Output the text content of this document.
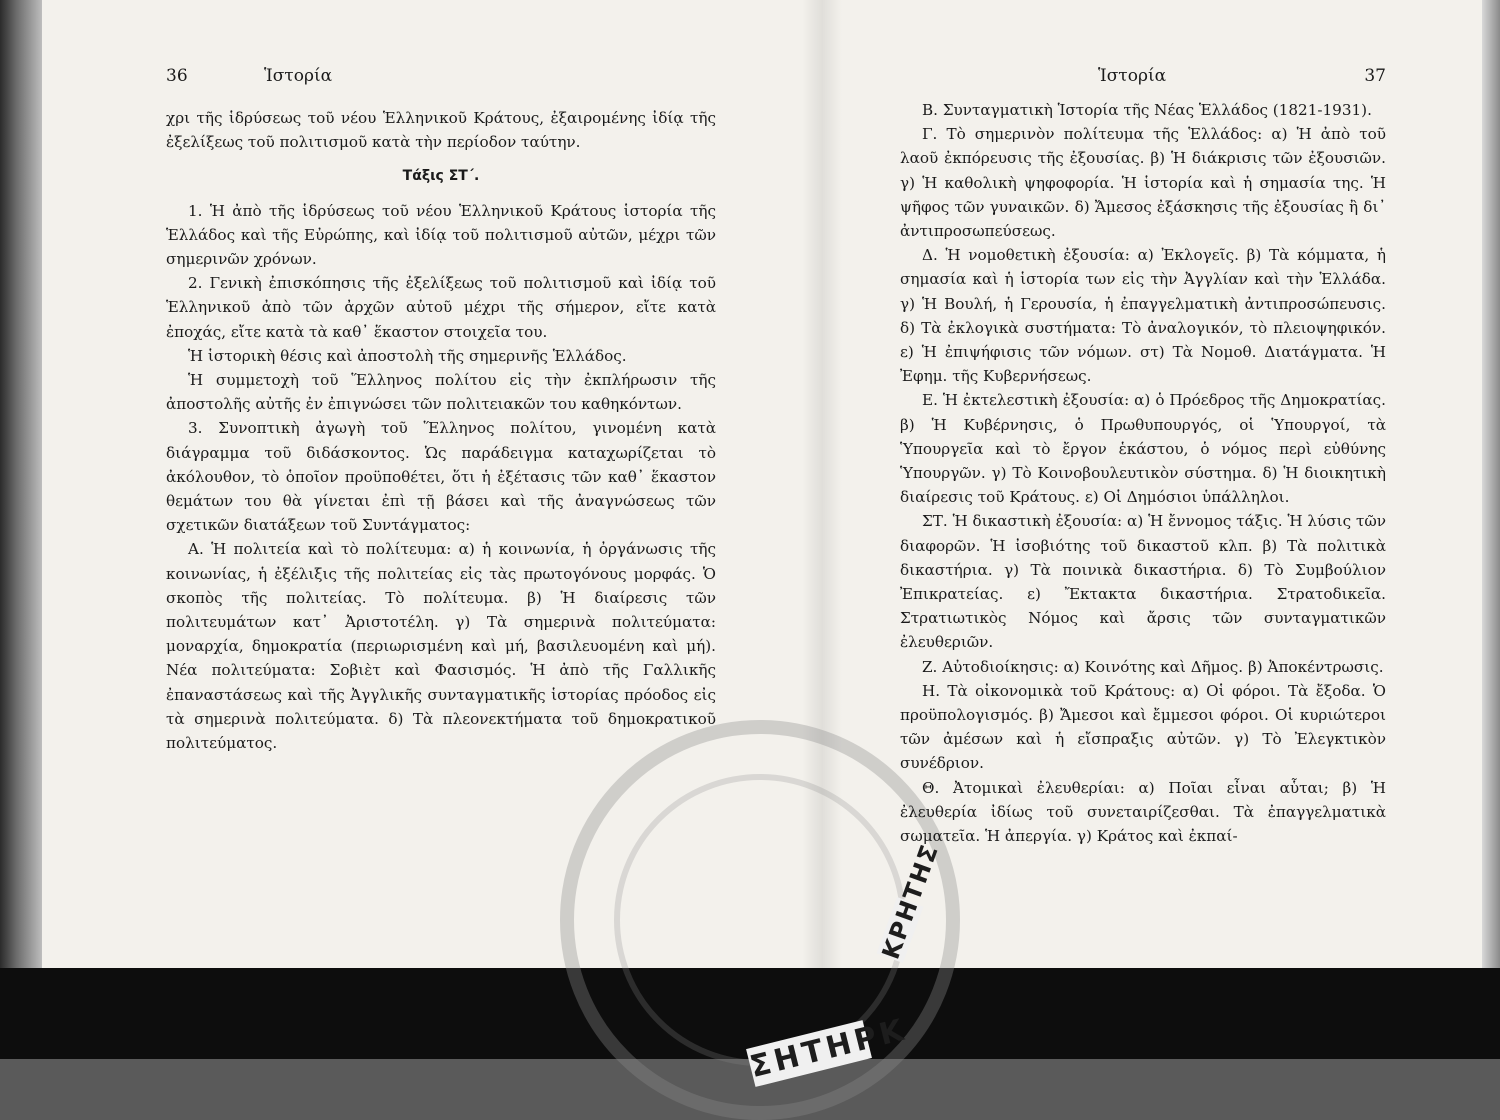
ΣΗΤΗΡΚ
ΚΡΗΤΗΣ
36	Ἱστορία

χρι τῆς ἱδρύσεως τοῦ νέου Ἑλληνικοῦ Κράτους, ἐξαιρομένης ἰδίᾳ τῆς ἐξελίξεως τοῦ πολιτισμοῦ κατὰ τὴν περίοδον ταύτην.

Τάξις ΣΤ΄.

1. Ἡ ἀπὸ τῆς ἱδρύσεως τοῦ νέου Ἑλληνικοῦ Κράτους ἱστορία τῆς Ἑλλάδος καὶ τῆς Εὐρώπης, καὶ ἰδίᾳ τοῦ πολιτισμοῦ αὐτῶν, μέχρι τῶν σημερινῶν χρόνων.

2. Γενικὴ ἐπισκόπησις τῆς ἐξελίξεως τοῦ πολιτισμοῦ καὶ ἰδίᾳ τοῦ Ἑλληνικοῦ ἀπὸ τῶν ἀρχῶν αὐτοῦ μέχρι τῆς σήμερον, εἴτε κατὰ ἐποχάς, εἴτε κατὰ τὰ καθ᾽ ἕκαστον στοιχεῖα του.

Ἡ ἱστορικὴ θέσις καὶ ἀποστολὴ τῆς σημερινῆς Ἑλλάδος.

Ἡ συμμετοχὴ τοῦ Ἕλληνος πολίτου εἰς τὴν ἐκπλήρωσιν τῆς ἀποστολῆς αὐτῆς ἐν ἐπιγνώσει τῶν πολιτειακῶν του καθηκόντων.

3. Συνοπτικὴ ἀγωγὴ τοῦ Ἕλληνος πολίτου, γινομένη κατὰ διάγραμμα τοῦ διδάσκοντος. Ὡς παράδειγμα καταχωρίζεται τὸ ἀκόλουθον, τὸ ὁποῖον προϋποθέτει, ὅτι ἡ ἐξέτασις τῶν καθ᾽ ἕκαστον θεμάτων του θὰ γίνεται ἐπὶ τῇ βάσει καὶ τῆς ἀναγνώσεως τῶν σχετικῶν διατάξεων τοῦ Συντάγματος:

Α. Ἡ πολιτεία καὶ τὸ πολίτευμα: α) ἡ κοινωνία, ἡ ὀργάνωσις τῆς κοινωνίας, ἡ ἐξέλιξις τῆς πολιτείας εἰς τὰς πρωτογόνους μορφάς. Ὁ σκοπὸς τῆς πολιτείας. Τὸ πολίτευμα. β) Ἡ διαίρεσις τῶν πολιτευμάτων κατ᾽ Ἀριστοτέλη. γ) Τὰ σημερινὰ πολιτεύματα: μοναρχία, δημοκρατία (περιωρισμένη καὶ μή, βασιλευομένη καὶ μή). Νέα πολιτεύματα: Σοβιὲτ καὶ Φασισμός. Ἡ ἀπὸ τῆς Γαλλικῆς ἐπαναστάσεως καὶ τῆς Ἀγγλικῆς συνταγματικῆς ἱστορίας πρόοδος εἰς τὰ σημερινὰ πολιτεύματα. δ) Τὰ πλεονεκτήματα τοῦ δημοκρατικοῦ πολιτεύματος.

Ἱστορία	37

Β. Συνταγματικὴ Ἱστορία τῆς Νέας Ἑλλάδος (1821-1931).

Γ. Τὸ σημερινὸν πολίτευμα τῆς Ἑλλάδος: α) Ἡ ἀπὸ τοῦ λαοῦ ἐκπόρευσις τῆς ἐξουσίας. β) Ἡ διάκρισις τῶν ἐξουσιῶν. γ) Ἡ καθολικὴ ψηφοφορία. Ἡ ἱστορία καὶ ἡ σημασία της. Ἡ ψῆφος τῶν γυναικῶν. δ) Ἄμεσος ἐξάσκησις τῆς ἐξουσίας ἢ δι᾽ ἀντιπροσωπεύσεως.

Δ. Ἡ νομοθετικὴ ἐξουσία: α) Ἐκλογεῖς. β) Τὰ κόμματα, ἡ σημασία καὶ ἡ ἱστορία των εἰς τὴν Ἀγγλίαν καὶ τὴν Ἑλλάδα. γ) Ἡ Βουλή, ἡ Γερουσία, ἡ ἐπαγγελματικὴ ἀντιπροσώπευσις. δ) Τὰ ἐκλογικὰ συστήματα: Τὸ ἀναλογικόν, τὸ πλειοψηφικόν. ε) Ἡ ἐπιψήφισις τῶν νόμων. στ) Τὰ Νομοθ. Διατάγματα. Ἡ Ἐφημ. τῆς Κυβερνήσεως.

Ε. Ἡ ἐκτελεστικὴ ἐξουσία: α) ὁ Πρόεδρος τῆς Δημοκρατίας. β) Ἡ Κυβέρνησις, ὁ Πρωθυπουργός, οἱ Ὑπουργοί, τὰ Ὑπουργεῖα καὶ τὸ ἔργον ἑκάστου, ὁ νόμος περὶ εὐθύνης Ὑπουργῶν. γ) Τὸ Κοινοβουλευτικὸν σύστημα. δ) Ἡ διοικητικὴ διαίρεσις τοῦ Κράτους. ε) Οἱ Δημόσιοι ὑπάλληλοι.

ΣΤ. Ἡ δικαστικὴ ἐξουσία: α) Ἡ ἔννομος τάξις. Ἡ λύσις τῶν διαφορῶν. Ἡ ἰσοβιότης τοῦ δικαστοῦ κλπ. β) Τὰ πολιτικὰ δικαστήρια. γ) Τὰ ποινικὰ δικαστήρια. δ) Τὸ Συμβούλιον Ἐπικρατείας. ε) Ἔκτακτα δικαστήρια. Στρατοδικεῖα. Στρατιωτικὸς Νόμος καὶ ἄρσις τῶν συνταγματικῶν ἐλευθεριῶν.

Ζ. Αὐτοδιοίκησις: α) Κοινότης καὶ Δῆμος. β) Ἀποκέντρωσις.

Η. Τὰ οἰκονομικὰ τοῦ Κράτους: α) Οἱ φόροι. Τὰ ἔξοδα. Ὁ προϋπολογισμός. β) Ἄμεσοι καὶ ἔμμεσοι φόροι. Οἱ κυριώτεροι τῶν ἀμέσων καὶ ἡ εἴσπραξις αὐτῶν. γ) Τὸ Ἐλεγκτικὸν συνέδριον.

Θ. Ἀτομικαὶ ἐλευθερίαι: α) Ποῖαι εἶναι αὗται; β) Ἡ ἐλευθερία ἰδίως τοῦ συνεταιρίζεσθαι. Τὰ ἐπαγγελματικὰ σωματεῖα. Ἡ ἀπεργία. γ) Κράτος καὶ ἐκπαί-
